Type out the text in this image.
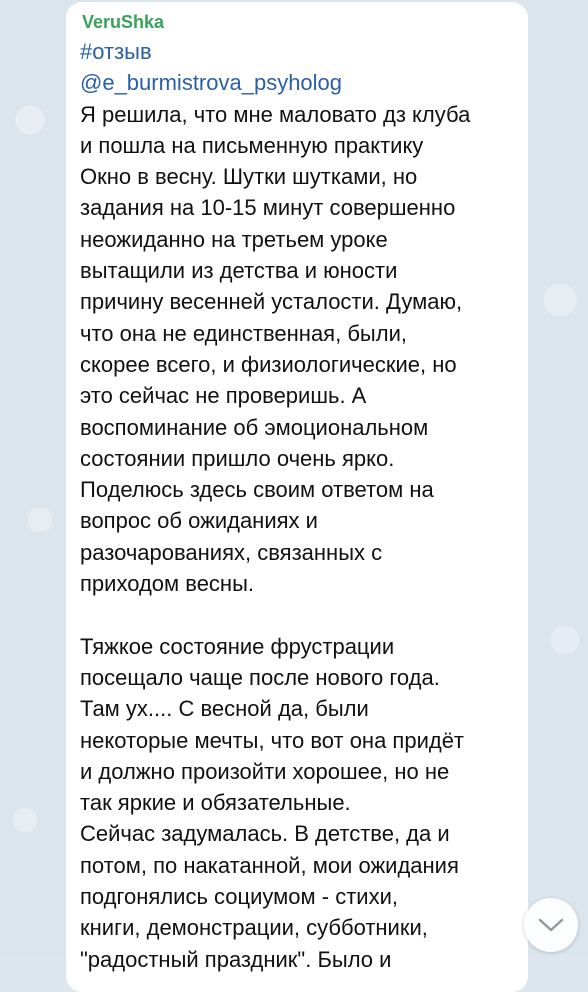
VeruShka
#отзыв
@e_burmistrova_psyholog
Я решила, что мне маловато дз клуба
и пошла на письменную практику
Окно в весну. Шутки шутками, но
задания на 10-15 минут совершенно
неожиданно на третьем уроке
вытащили из детства и юности
причину весенней усталости. Думаю,
что она не единственная, были,
скорее всего, и физиологические, но
это сейчас не проверишь. А
воспоминание об эмоциональном
состоянии пришло очень ярко.
Поделюсь здесь своим ответом на
вопрос об ожиданиях и
разочарованиях, связанных с
приходом весны.
Тяжкое состояние фрустрации
посещало чаще после нового года.
Там ух.... С весной да, были
некоторые мечты, что вот она придёт
и должно произойти хорошее, но не
так яркие и обязательные.
Сейчас задумалась. В детстве, да и
потом, по накатанной, мои ожидания
подгонялись социумом - стихи,
книги, демонстрации, субботники,
"радостный праздник". Было и
